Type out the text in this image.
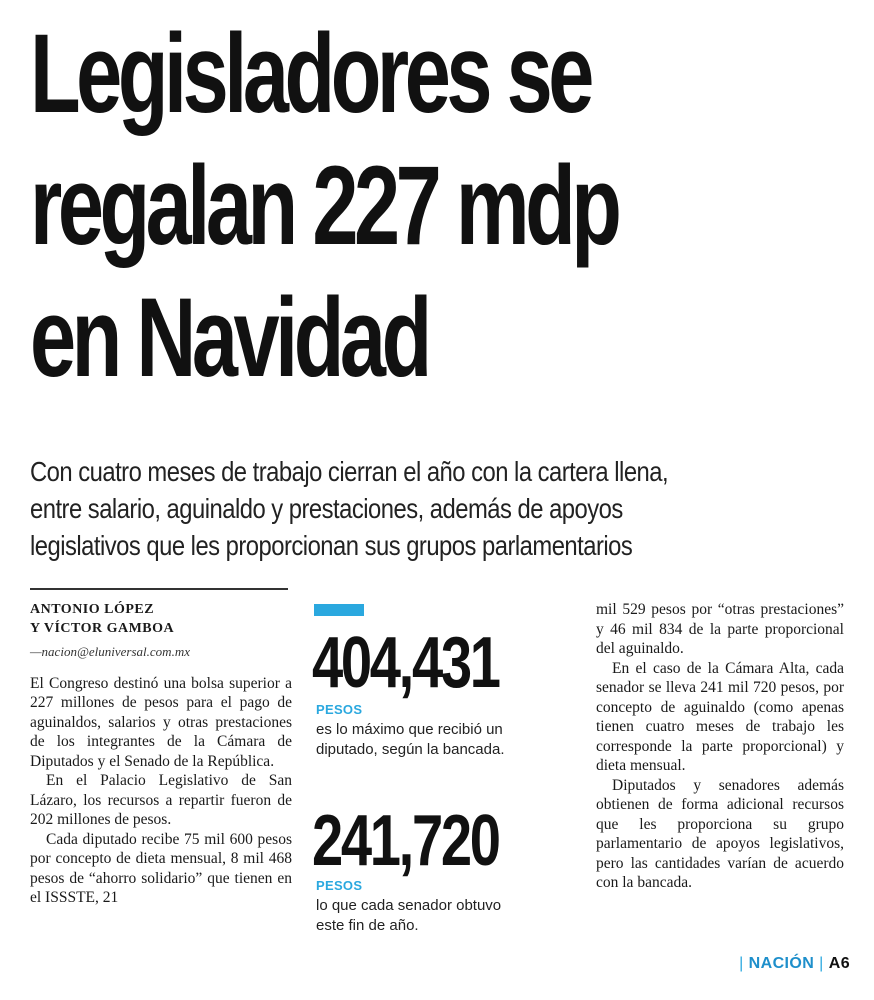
Legisladores se
regalan 227 mdp
en Navidad
Con cuatro meses de trabajo cierran el año con la cartera llena,
entre salario, aguinaldo y prestaciones, además de apoyos
legislativos que les proporcionan sus grupos parlamentarios
ANTONIO LÓPEZ
Y VÍCTOR GAMBOA
—nacion@eluniversal.com.mx

El Congreso destinó una bolsa superior a 227 millones de pesos para el pago de aguinaldos, salarios y otras prestaciones de los integrantes de la Cámara de Diputados y el Senado de la República.

En el Palacio Legislativo de San Lázaro, los recursos a repartir fueron de 202 millones de pesos.

Cada diputado recibe 75 mil 600 pesos por concepto de dieta mensual, 8 mil 468 pesos de “ahorro solidario” que tienen en el ISSSTE, 21

404,431
PESOS
es lo máximo que recibió un
diputado, según la bancada.
241,720
PESOS
lo que cada senador obtuvo
este fin de año.

mil 529 pesos por “otras prestaciones” y 46 mil 834 de la parte proporcional del aguinaldo.

En el caso de la Cámara Alta, cada senador se lleva 241 mil 720 pesos, por concepto de aguinaldo (como apenas tienen cuatro meses de trabajo les corresponde la parte proporcional) y dieta mensual.

Diputados y senadores además obtienen de forma adicional recursos que les proporciona su grupo parlamentario de apoyos legislativos, pero las cantidades varían de acuerdo con la bancada.

| NACIÓN | A6
